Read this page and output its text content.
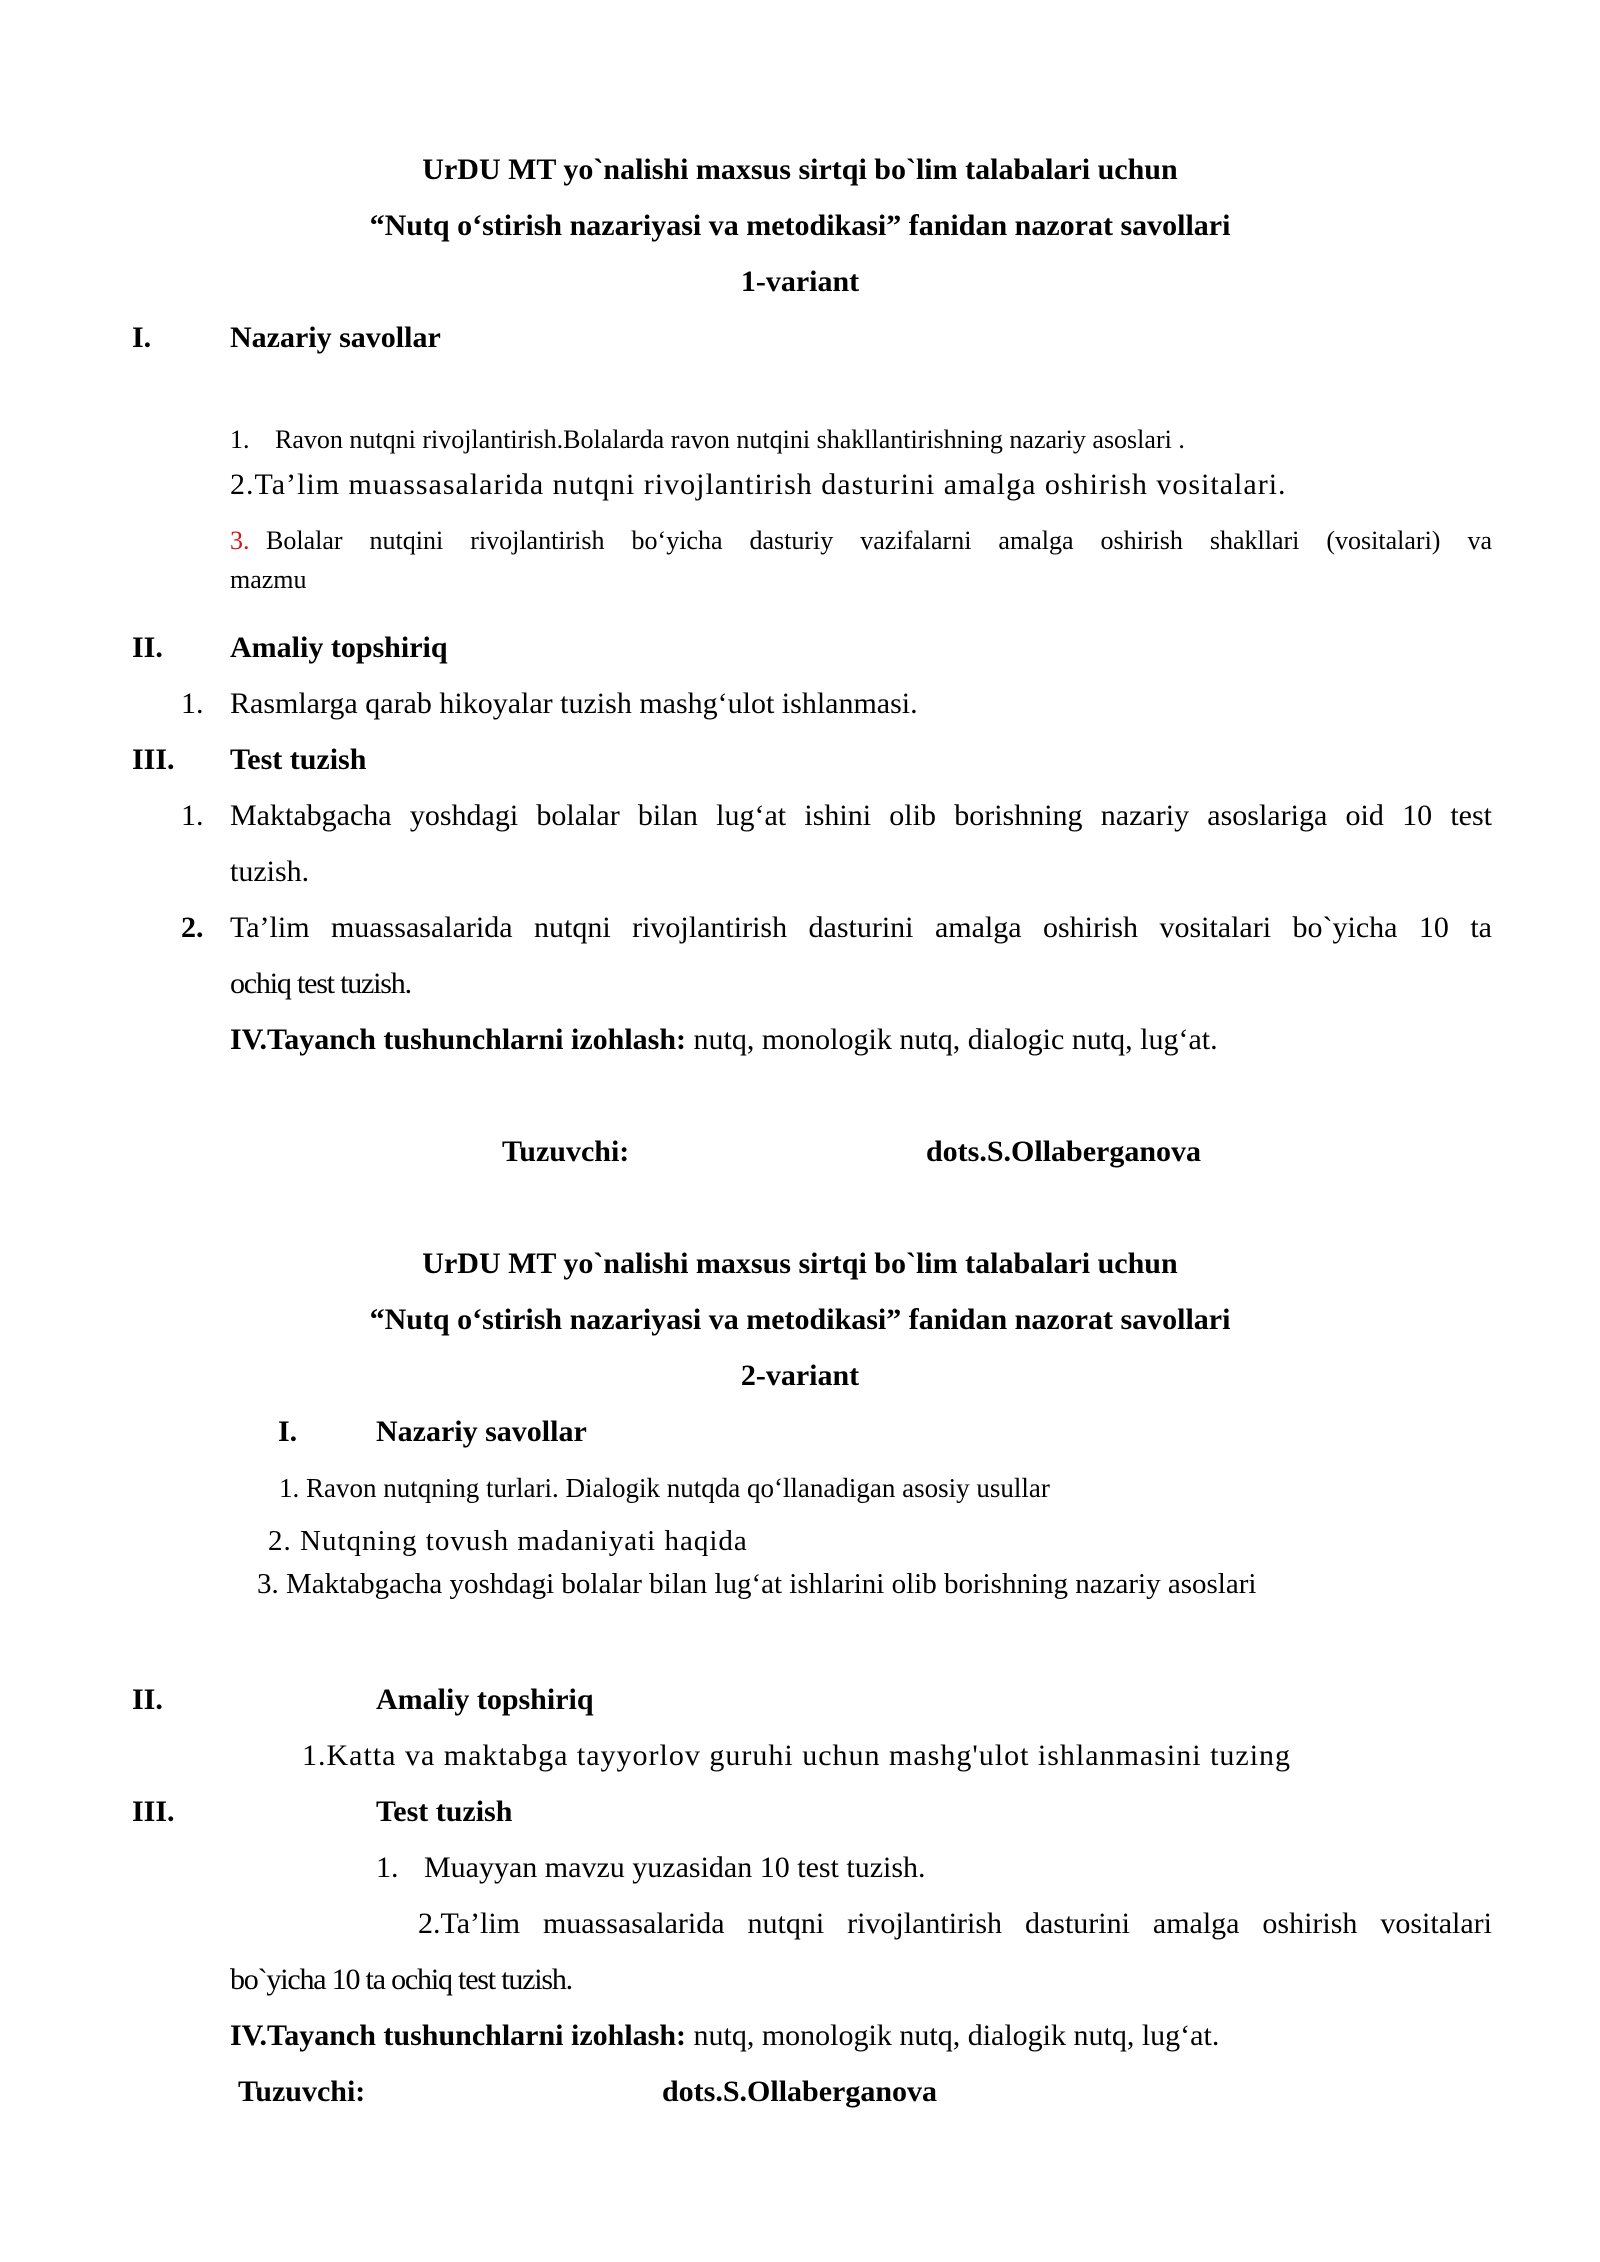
UrDU MT yo`nalishi maxsus sirtqi bo`lim talabalari uchun
“Nutq o‘stirish nazariyasi va metodikasi” fanidan nazorat savollari
1-variant
I.	Nazariy savollar
1. Ravon nutqni rivojlantirish.Bolalarda ravon nutqini shakllantirishning nazariy asoslari .
2.Ta’lim muassasalarida nutqni rivojlantirish dasturini amalga oshirish vositalari.
3. Bolalar nutqini rivojlantirish bo‘yicha dasturiy vazifalarni amalga oshirish shakllari (vositalari) va
mazmu
II. Amaliy topshiriq
1. Rasmlarga qarab hikoyalar tuzish mashg‘ulot ishlanmasi.
III. Test tuzish
1. Maktabgacha yoshdagi bolalar bilan lug‘at ishini olib borishning nazariy asoslariga oid 10 test
tuzish.
2. Ta’lim muassasalarida nutqni rivojlantirish dasturini amalga oshirish vositalari bo`yicha 10 ta
ochiq test tuzish.
IV.Tayanch tushunchlarni izohlash: nutq, monologik nutq, dialogic nutq, lug‘at.
Tuzuvchi:	dots.S.Ollaberganova
UrDU MT yo`nalishi maxsus sirtqi bo`lim talabalari uchun
“Nutq o‘stirish nazariyasi va metodikasi” fanidan nazorat savollari
2-variant
I.	Nazariy savollar
1. Ravon nutqning turlari. Dialogik nutqda qo‘llanadigan asosiy usullar
2. Nutqning tovush madaniyati haqida
3. Maktabgacha yoshdagi bolalar bilan lug‘at ishlarini olib borishning nazariy asoslari
II.	Amaliy topshiriq
1.Katta va maktabga tayyorlov guruhi uchun mashg'ulot ishlanmasini tuzing
III.	Test tuzish
1. Muayyan mavzu yuzasidan 10 test tuzish.
2.Ta’lim muassasalarida nutqni rivojlantirish dasturini amalga oshirish vositalari
bo`yicha 10 ta ochiq test tuzish.
IV.Tayanch tushunchlarni izohlash: nutq, monologik nutq, dialogik nutq, lug‘at.
Tuzuvchi:	dots.S.Ollaberganova
